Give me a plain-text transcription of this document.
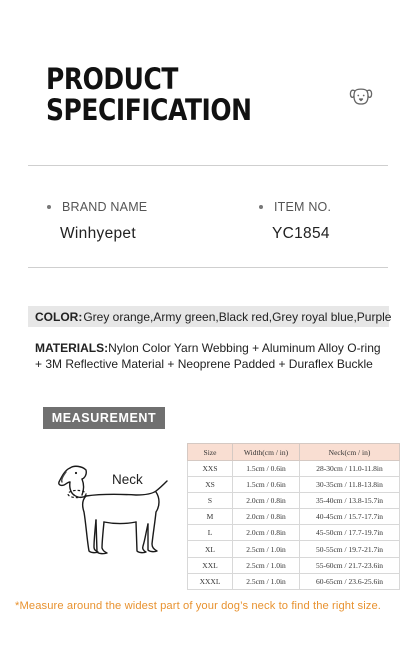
PRODUCT
SPECIFICATION
BRAND NAME
Winhyepet
ITEM NO.
YC1854
COLOR: Grey orange,Army green,Black red,Grey royal blue,Purple
MATERIALS:Nylon Color Yarn Webbing + Aluminum Alloy O-ring + 3M Reflective Material + Neoprene Padded + Duraflex Buckle
MEASUREMENT
Neck
Size	Width(cm / in)	Neck(cm / in)
XXS	1.5cm / 0.6in	28-30cm / 11.0-11.8in
XS	1.5cm / 0.6in	30-35cm / 11.8-13.8in
S	2.0cm / 0.8in	35-40cm / 13.8-15.7in
M	2.0cm / 0.8in	40-45cm / 15.7-17.7in
L	2.0cm / 0.8in	45-50cm / 17.7-19.7in
XL	2.5cm / 1.0in	50-55cm / 19.7-21.7in
XXL	2.5cm / 1.0in	55-60cm / 21.7-23.6in
XXXL	2.5cm / 1.0in	60-65cm / 23.6-25.6in
*Measure around the widest part of your dog’s neck to find the right size.
